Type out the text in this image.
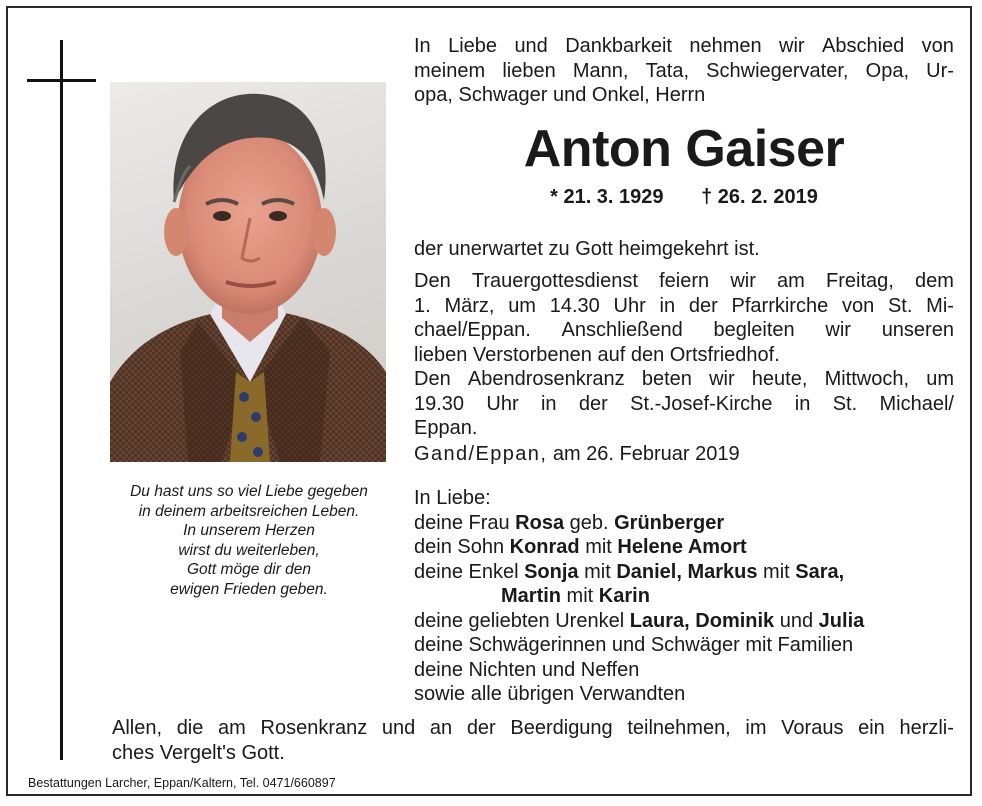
Du hast uns so viel Liebe gegeben
in deinem arbeitsreichen Leben.
In unserem Herzen
wirst du weiterleben,
Gott möge dir den
ewigen Frieden geben.
In Liebe und Dankbarkeit nehmen wir Abschied von
meinem lieben Mann, Tata, Schwiegervater, Opa, Ur-
opa, Schwager und Onkel, Herrn
Anton Gaiser
* 21. 3. 1929 † 26. 2. 2019
der unerwartet zu Gott heimgekehrt ist.
Den Trauergottesdienst feiern wir am Freitag, dem
1. März, um 14.30 Uhr in der Pfarrkirche von St. Mi-
chael/Eppan. Anschließend begleiten wir unseren
lieben Verstorbenen auf den Ortsfriedhof.
Den Abendrosenkranz beten wir heute, Mittwoch, um
19.30 Uhr in der St.-Josef-Kirche in St. Michael/
Eppan.
Gand/Eppan, am 26. Februar 2019
In Liebe:
deine Frau Rosa geb. Grünberger
dein Sohn Konrad mit Helene Amort
deine Enkel Sonja mit Daniel, Markus mit Sara,
Martin mit Karin
deine geliebten Urenkel Laura, Dominik und Julia
deine Schwägerinnen und Schwäger mit Familien
deine Nichten und Neffen
sowie alle übrigen Verwandten
Allen, die am Rosenkranz und an der Beerdigung teilnehmen, im Voraus ein herzli-
ches Vergelt's Gott.
Bestattungen Larcher, Eppan/Kaltern, Tel. 0471/660897
